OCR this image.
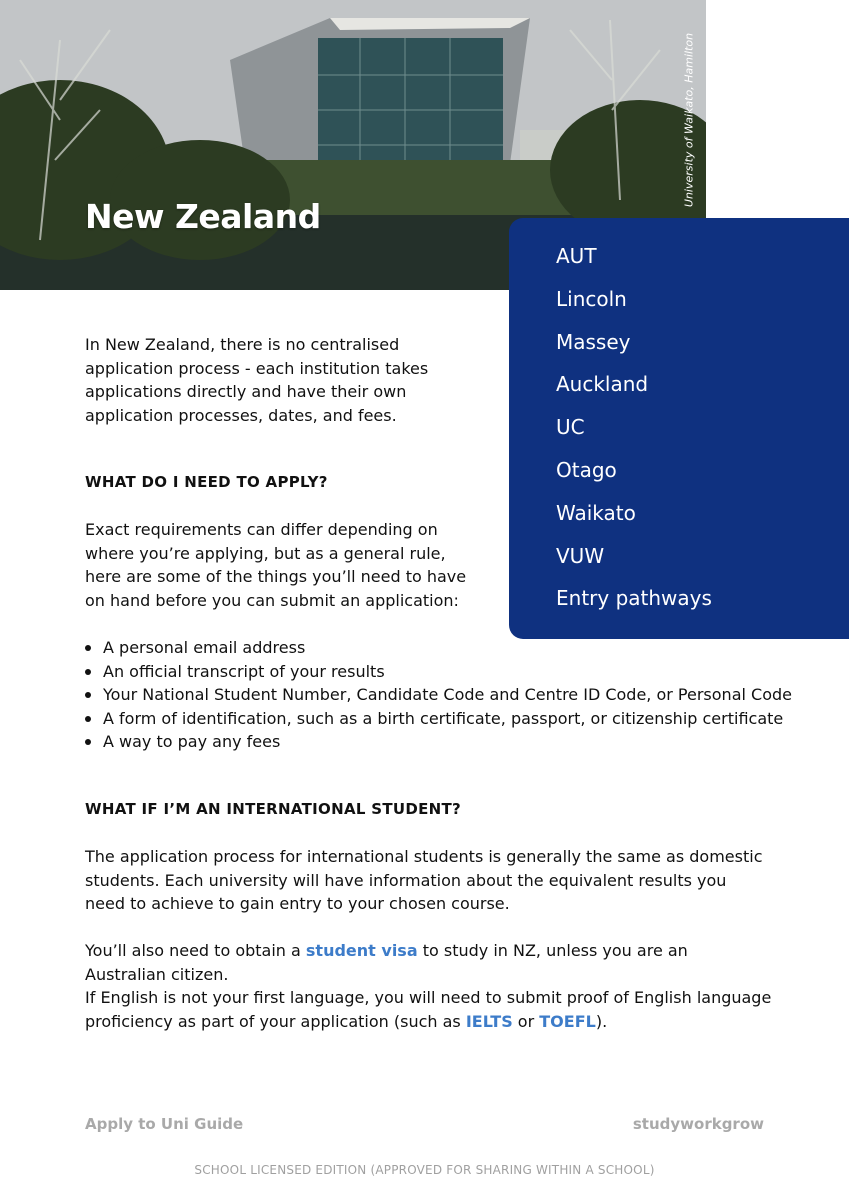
New Zealand
University of Waikato, Hamilton
AUT
Lincoln
Massey
Auckland
UC
Otago
Waikato
VUW
Entry pathways

In New Zealand, there is no centralised application process - each institution takes applications directly and have their own application processes, dates, and fees.

WHAT DO I NEED TO APPLY?

Exact requirements can differ depending on where you’re applying, but as a general rule, here are some of the things you’ll need to have on hand before you can submit an application:

A personal email address
An official transcript of your results
Your National Student Number, Candidate Code and Centre ID Code, or Personal Code
A form of identification, such as a birth certificate, passport, or citizenship certificate
A way to pay any fees
WHAT IF I’M AN INTERNATIONAL STUDENT?

The application process for international students is generally the same as domestic students. Each university will have information about the equivalent results you need to achieve to gain entry to your chosen course.

You’ll also need to obtain a student visa to study in NZ, unless you are an Australian citizen.

If English is not your first language, you will need to submit proof of English language proficiency as part of your application (such as IELTS or TOEFL).

Apply to Uni Guide	studyworkgrow
SCHOOL LICENSED EDITION (APPROVED FOR SHARING WITHIN A SCHOOL)
